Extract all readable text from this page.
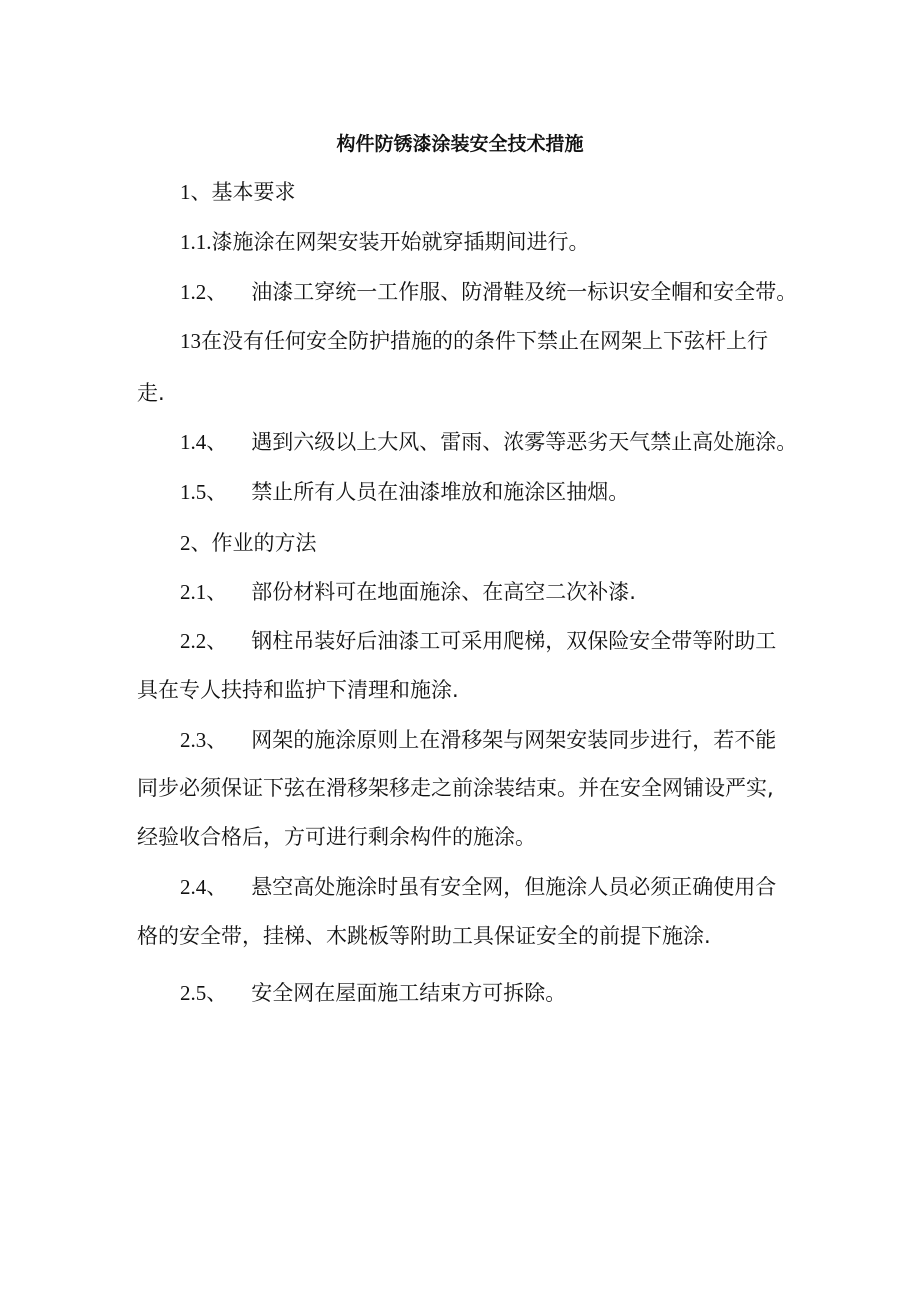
构件防锈漆涂装安全技术措施
1、基本要求
1.1.漆施涂在网架安装开始就穿插期间进行。
1.2、 油漆工穿统一工作服、防滑鞋及统一标识安全帽和安全带。
13在没有任何安全防护措施的的条件下禁止在网架上下弦杆上行
走.
1.4、 遇到六级以上大风、雷雨、浓雾等恶劣天气禁止高处施涂。
1.5、 禁止所有人员在油漆堆放和施涂区抽烟。
2、作业的方法
2.1、 部份材料可在地面施涂、在高空二次补漆.
2.2、 钢柱吊装好后油漆工可采用爬梯，双保险安全带等附助工
具在专人扶持和监护下清理和施涂.
2.3、 网架的施涂原则上在滑移架与网架安装同步进行，若不能
同步必须保证下弦在滑移架移走之前涂装结束。并在安全网铺设严实,
经验收合格后，方可进行剩余构件的施涂。
2.4、 悬空高处施涂时虽有安全网，但施涂人员必须正确使用合
格的安全带，挂梯、木跳板等附助工具保证安全的前提下施涂.
2.5、 安全网在屋面施工结束方可拆除。
